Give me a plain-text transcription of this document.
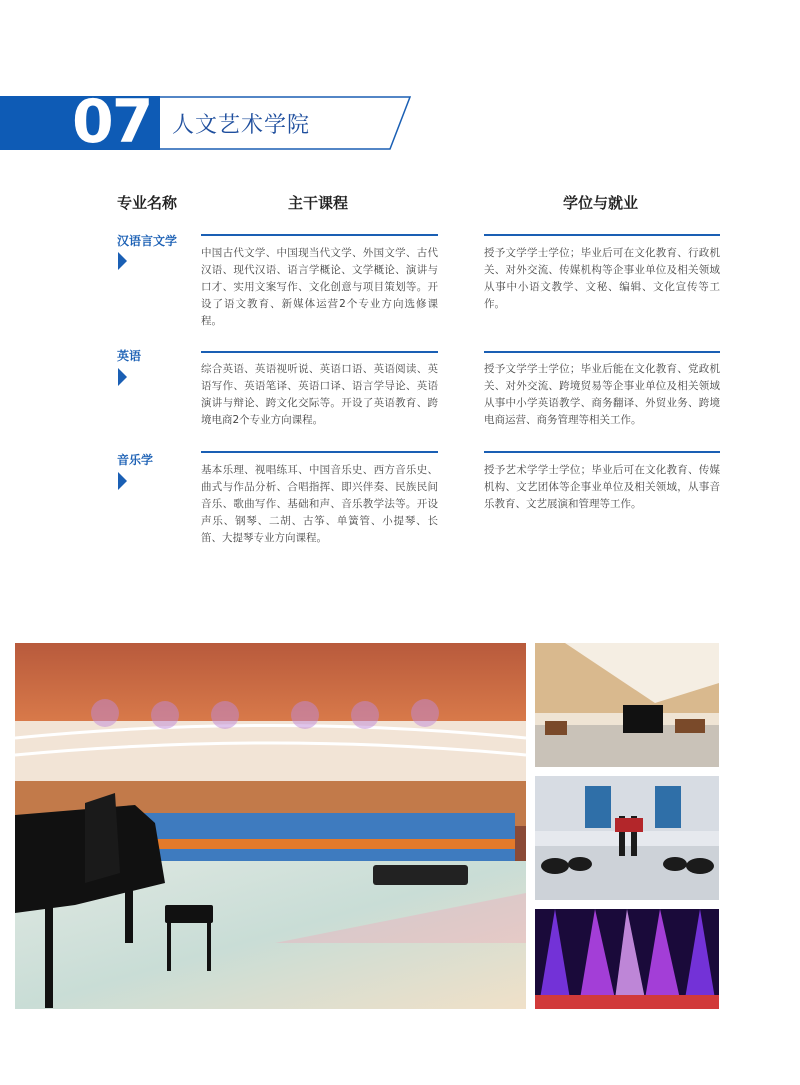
07 人文艺术学院
专业名称	主干课程	学位与就业
汉语言文学
中国古代文学、中国现当代文学、外国文学、古代汉语、现代汉语、语言学概论、文学概论、演讲与口才、实用文案写作、文化创意与项目策划等。开设了语文教育、新媒体运营2个专业方向选修课程。
授予文学学士学位；毕业后可在文化教育、行政机关、对外交流、传媒机构等企事业单位及相关领域从事中小语文教学、文秘、编辑、文化宣传等工作。
英语
综合英语、英语视听说、英语口语、英语阅读、英语写作、英语笔译、英语口译、语言学导论、英语演讲与辩论、跨文化交际等。开设了英语教育、跨境电商2个专业方向课程。
授予文学学士学位；毕业后能在文化教育、党政机关、对外交流、跨境贸易等企事业单位及相关领域从事中小学英语教学、商务翻译、外贸业务、跨境电商运营、商务管理等相关工作。
音乐学
基本乐理、视唱练耳、中国音乐史、西方音乐史、曲式与作品分析、合唱指挥、即兴伴奏、民族民间音乐、歌曲写作、基础和声、音乐教学法等。开设声乐、钢琴、二胡、古筝、单簧管、小提琴、长笛、大提琴专业方向课程。
授予艺术学学士学位；毕业后可在文化教育、传媒机构、文艺团体等企事业单位及相关领域，从事音乐教育、文艺展演和管理等工作。
